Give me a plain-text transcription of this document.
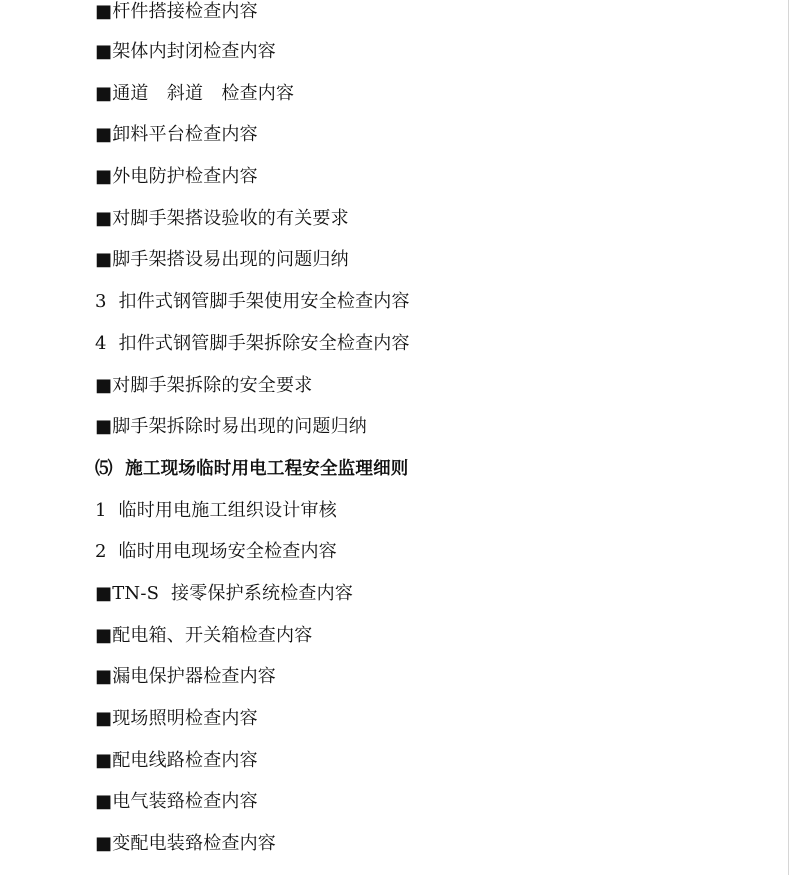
■杆件搭接检查内容
■架体内封闭检查内容
■通道　斜道　检查内容
■卸料平台检查内容
■外电防护检查内容
■对脚手架搭设验收的有关要求
■脚手架搭设易出现的问题归纳
3  扣件式钢管脚手架使用安全检查内容
4  扣件式钢管脚手架拆除安全检查内容
■对脚手架拆除的安全要求
■脚手架拆除时易出现的问题归纳
⑸  施工现场临时用电工程安全监理细则
1  临时用电施工组织设计审核
2  临时用电现场安全检查内容
■TN-S  接零保护系统检查内容
■配电箱、开关箱检查内容
■漏电保护器检查内容
■现场照明检查内容
■配电线路检查内容
■电气装臵检查内容
■变配电装臵检查内容
